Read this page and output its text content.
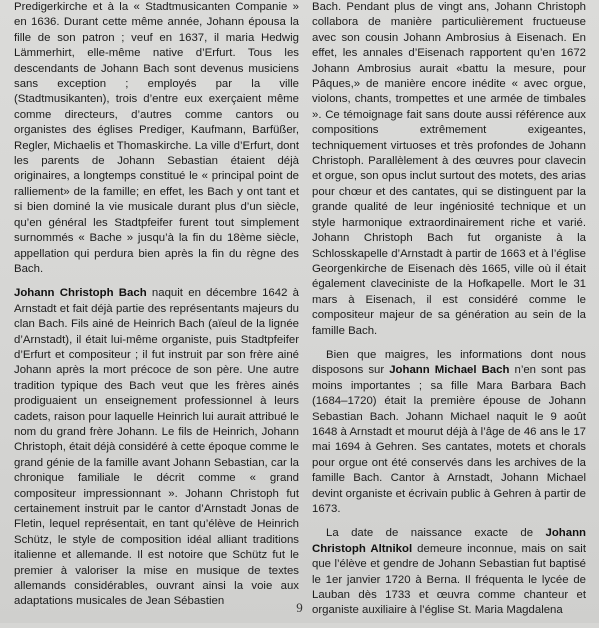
Predigerkirche et à la « Stadtmusicanten Companie » en 1636. Durant cette même année, Johann épousa la fille de son patron ; veuf en 1637, il maria Hedwig Lämmerhirt, elle-même native d’Erfurt. Tous les descendants de Johann Bach sont devenus musiciens sans exception ; employés par la ville (Stadtmusikanten), trois d’entre eux exerçaient même comme directeurs, d’autres comme cantors ou organistes des églises Prediger, Kaufmann, Barfüßer, Regler, Michaelis et Thomaskirche. La ville d’Erfurt, dont les parents de Johann Sebastian étaient déjà originaires, a longtemps constitué le « principal point de ralliement» de la famille; en effet, les Bach y ont tant et si bien dominé la vie musicale durant plus d’un siècle, qu’en général les Stadtpfeifer furent tout simplement surnommés « Bache » jusqu’à la fin du 18ème siècle, appellation qui perdura bien après la fin du règne des Bach.

Johann Christoph Bach naquit en décembre 1642 à Arnstadt et fait déjà partie des représentants majeurs du clan Bach. Fils ainé de Heinrich Bach (aïeul de la lignée d’Arnstadt), il était lui-même organiste, puis Stadtpfeifer d’Erfurt et compositeur ; il fut instruit par son frère ainé Johann après la mort précoce de son père. Une autre tradition typique des Bach veut que les frères ainés prodiguaient un enseignement professionnel à leurs cadets, raison pour laquelle Heinrich lui aurait attribué le nom du grand frère Johann. Le fils de Heinrich, Johann Christoph, était déjà considéré à cette époque comme le grand génie de la famille avant Johann Sebastian, car la chronique familiale le décrit comme « grand compositeur impressionnant ». Johann Christoph fut certainement instruit par le cantor d’Arnstadt Jonas de Fletin, lequel représentait, en tant qu’élève de Heinrich Schütz, le style de composition idéal alliant traditions italienne et allemande. Il est notoire que Schütz fut le premier à valoriser la mise en musique de textes allemands considérables, ouvrant ainsi la voie aux adaptations musicales de Jean Sébastien

Bach. Pendant plus de vingt ans, Johann Christoph collabora de manière particulièrement fructueuse avec son cousin Johann Ambrosius à Eisenach. En effet, les annales d’Eisenach rapportent qu’en 1672 Johann Ambrosius aurait «battu la mesure, pour Pâques,» de manière encore inédite « avec orgue, violons, chants, trompettes et une armée de timbales ». Ce témoignage fait sans doute aussi référence aux compositions extrêmement exigeantes, techniquement virtuoses et très profondes de Johann Christoph. Parallèlement à des œuvres pour clavecin et orgue, son opus inclut surtout des motets, des arias pour chœur et des cantates, qui se distinguent par la grande qualité de leur ingéniosité technique et un style harmonique extraordinairement riche et varié. Johann Christoph Bach fut organiste à la Schlosskapelle d’Arnstadt à partir de 1663 et à l’église Georgenkirche de Eisenach dès 1665, ville où il était également claveciniste de la Hofkapelle. Mort le 31 mars à Eisenach, il est considéré comme le compositeur majeur de sa génération au sein de la famille Bach.

Bien que maigres, les informations dont nous disposons sur Johann Michael Bach n’en sont pas moins importantes ; sa fille Mara Barbara Bach (1684–1720) était la première épouse de Johann Sebastian Bach. Johann Michael naquit le 9 août 1648 à Arnstadt et mourut déjà à l’âge de 46 ans le 17 mai 1694 à Gehren. Ses cantates, motets et chorals pour orgue ont été conservés dans les archives de la famille Bach. Cantor à Arnstadt, Johann Michael devint organiste et écrivain public à Gehren à partir de 1673.

La date de naissance exacte de Johann Christoph Altnikol demeure inconnue, mais on sait que l’élève et gendre de Johann Sebastian fut baptisé le 1er janvier 1720 à Berna. Il fréquenta le lycée de Lauban dès 1733 et œuvra comme chanteur et organiste auxiliaire à l’église St. Maria Magdalena

9
